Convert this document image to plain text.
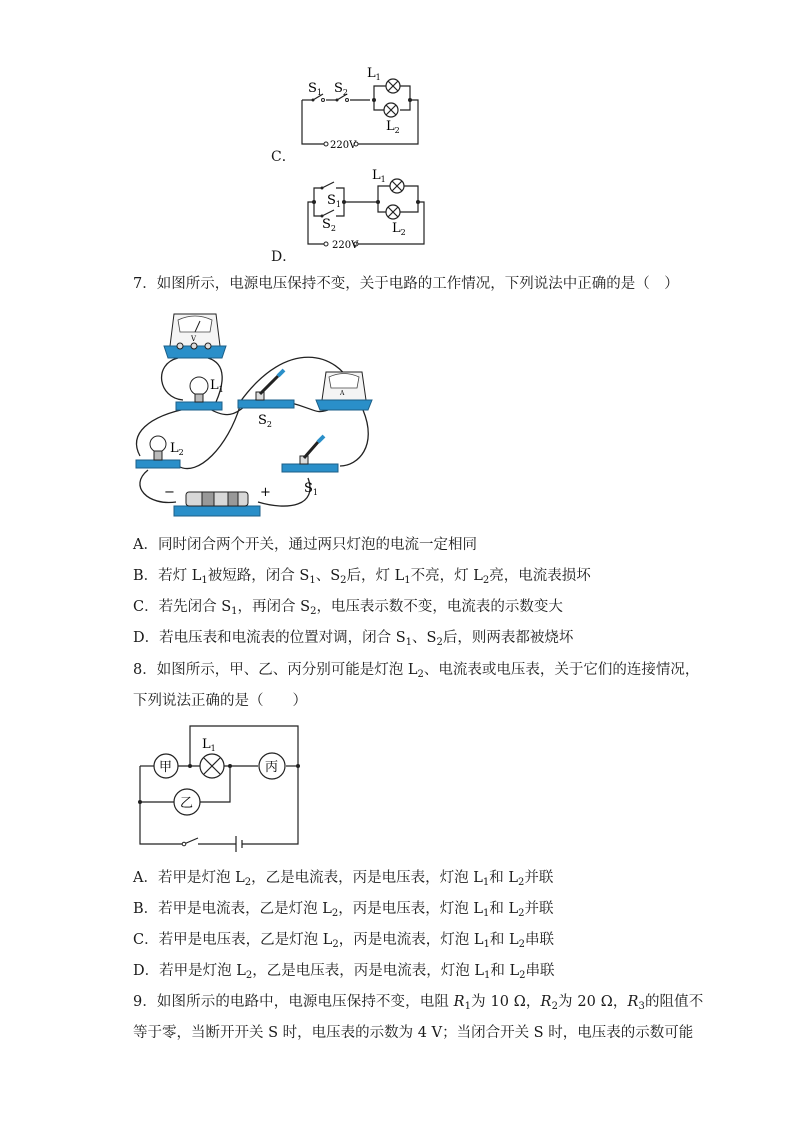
C．
$S_1$ $S_2$
$L_1$
$L_2$
220V
D．
$S_1$
$S_2$
$L_1$
$L_2$
220V
7．如图所示，电源电压保持不变，关于电路的工作情况，下列说法中正确的是（　）
V
$L_1$
$S_2$
A
$L_2$
$S_1$
−	+
A．同时闭合两个开关，通过两只灯泡的电流一定相同
B．若灯 $L_1$被短路，闭合 $S_1$、$S_2$后，灯 $L_1$不亮，灯 $L_2$亮，电流表损坏
C．若先闭合 $S_1$，再闭合 $S_2$，电压表示数不变，电流表的示数变大
D．若电压表和电流表的位置对调，闭合 $S_1$、$S_2$后，则两表都被烧坏
8．如图所示，甲、乙、丙分别可能是灯泡 $L_2$、电流表或电压表，关于它们的连接情况，
下列说法正确的是（　　）
甲	丙
乙
$L_1$
A．若甲是灯泡 $L_2$，乙是电流表，丙是电压表，灯泡 $L_1$和 $L_2$并联
B．若甲是电流表，乙是灯泡 $L_2$，丙是电压表，灯泡 $L_1$和 $L_2$并联
C．若甲是电压表，乙是灯泡 $L_2$，丙是电流表，灯泡 $L_1$和 $L_2$串联
D．若甲是灯泡 $L_2$，乙是电压表，丙是电流表，灯泡 $L_1$和 $L_2$串联
9．如图所示的电路中，电源电压保持不变，电阻 $R_1$为 10 Ω，$R_2$为 20 Ω，$R_3$的阻值不
等于零，当断开开关 S 时，电压表的示数为 4 V；当闭合开关 S 时，电压表的示数可能
